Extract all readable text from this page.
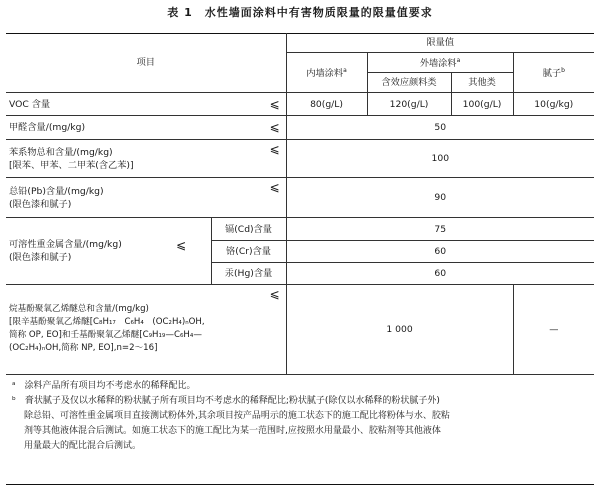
表 1　水性墙面涂料中有害物质限量的限量值要求
项目			限量值			
			内墙涂料$^a$	外墙涂料$^a$		腻子$^b$
				含效应颜料类	其他类	
VOC 含量		⩽	80(g/L)	120(g/L)	100(g/L)	10(g/kg)
甲醛含量/(mg/kg)		⩽	50			

苯系物总和含量/(mg/kg)
[限苯、甲苯、二甲苯(含乙苯)]		⩽	100			

总铅(Pb)含量/(mg/kg)
(限色漆和腻子)		⩽	90			

可溶性重金属含量/(mg/kg)
(限色漆和腻子)	⩽	镉(Cd)含量	75			
		铬(Cr)含量	60			
		汞(Hg)含量	60			

烷基酚聚氧乙烯醚总和含量/(mg/kg)
[限辛基酚聚氧乙烯醚[C₈H₁₇　C₆H₄　(OC₂H₄)ₙOH,
简称 OP, EO]和壬基酚聚氧乙烯醚[C₉H₁₉—C₆H₄—
(OC₂H₄)ₙOH,简称 NP, EO],n=2～16]		⩽	1 000			—

ᵃ　涂料产品所有项目均不考虑水的稀释配比。

ᵇ　膏状腻子及仅以水稀释的粉状腻子所有项目均不考虑水的稀释配比;粉状腻子(除仅以水稀释的粉状腻子外)

除总铅、可溶性重金属项目直接测试粉体外,其余项目按产品明示的施工状态下的施工配比将粉体与水、胶粘

剂等其他液体混合后测试。如施工状态下的施工配比为某一范围时,应按照水用量最小、胶粘剂等其他液体

用量最大的配比混合后测试。						
